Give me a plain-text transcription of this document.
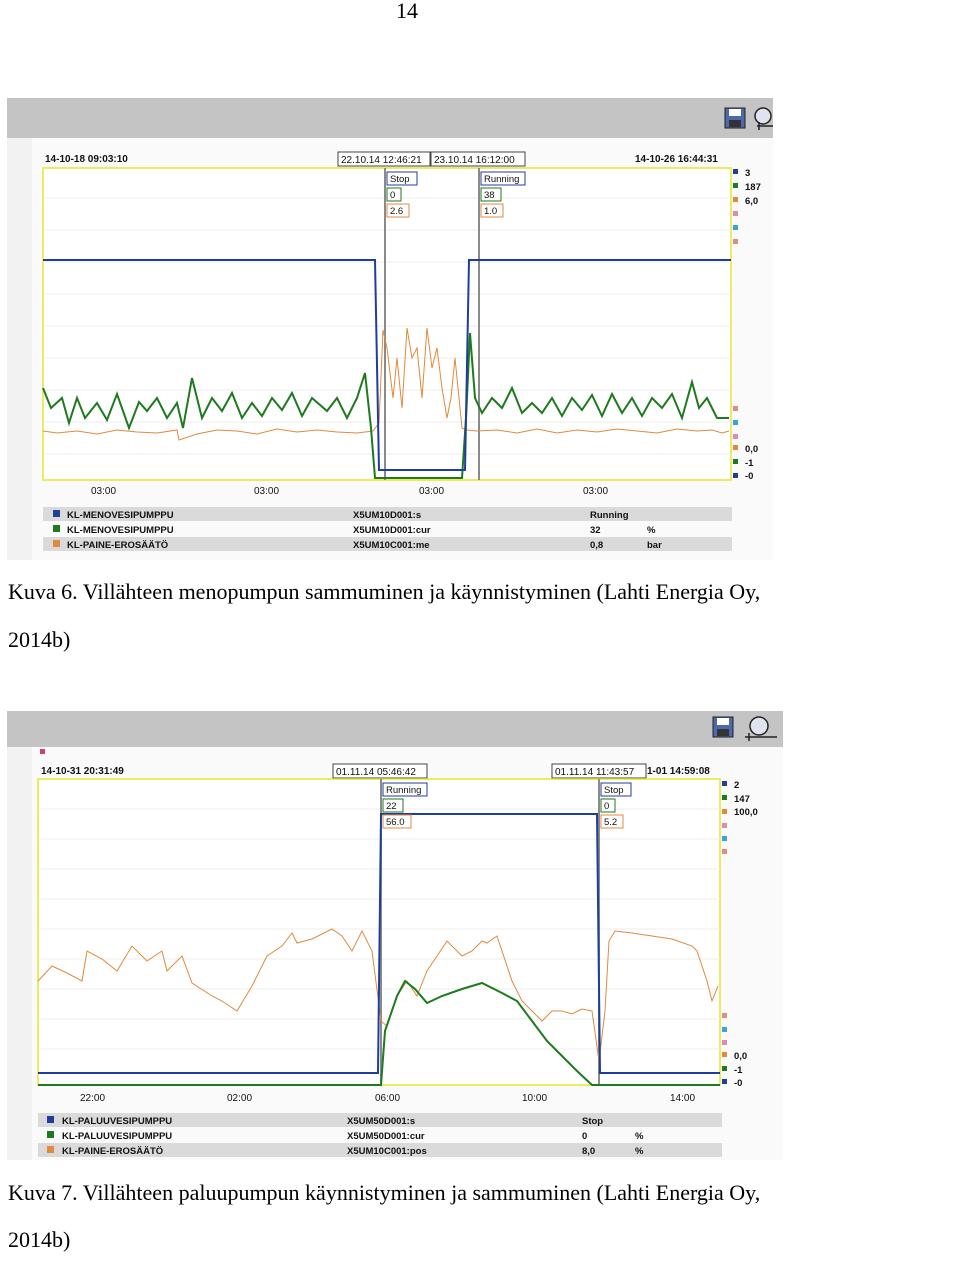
14
14-10-18 09:03:10	14-10-26 16:44:31
22.10.14 12:46:21 23.10.14 16:12:00
Stop
0
2.6
Running
38
1.0
03:00	03:00	03:00	03:00
3
187
6,0
0,0
-1
-0
KL-MENOVESIPUMPPU	X5UM10D001:s	Running
KL-MENOVESIPUMPPU	X5UM10D001:cur	32	%
KL-PAINE-EROSÄÄTÖ	X5UM10C001:me	0,8	bar
Kuva 6. Villähteen menopumpun sammuminen ja käynnistyminen (Lahti Energia Oy,
2014b)
14-10-31 20:31:49	1-01 14:59:08
01.11.14 05:46:42	01.11.14 11:43:57
Running
22
56.0
Stop
0
5.2
22:00	02:00	06:00	10:00	14:00
2
147
100,0
0,0
-1
-0
KL-PALUUVESIPUMPPU	X5UM50D001:s	Stop
KL-PALUUVESIPUMPPU	X5UM50D001:cur	0	%
KL-PAINE-EROSÄÄTÖ	X5UM10C001:pos	8,0	%
Kuva 7. Villähteen paluupumpun käynnistyminen ja sammuminen (Lahti Energia Oy,
2014b)
